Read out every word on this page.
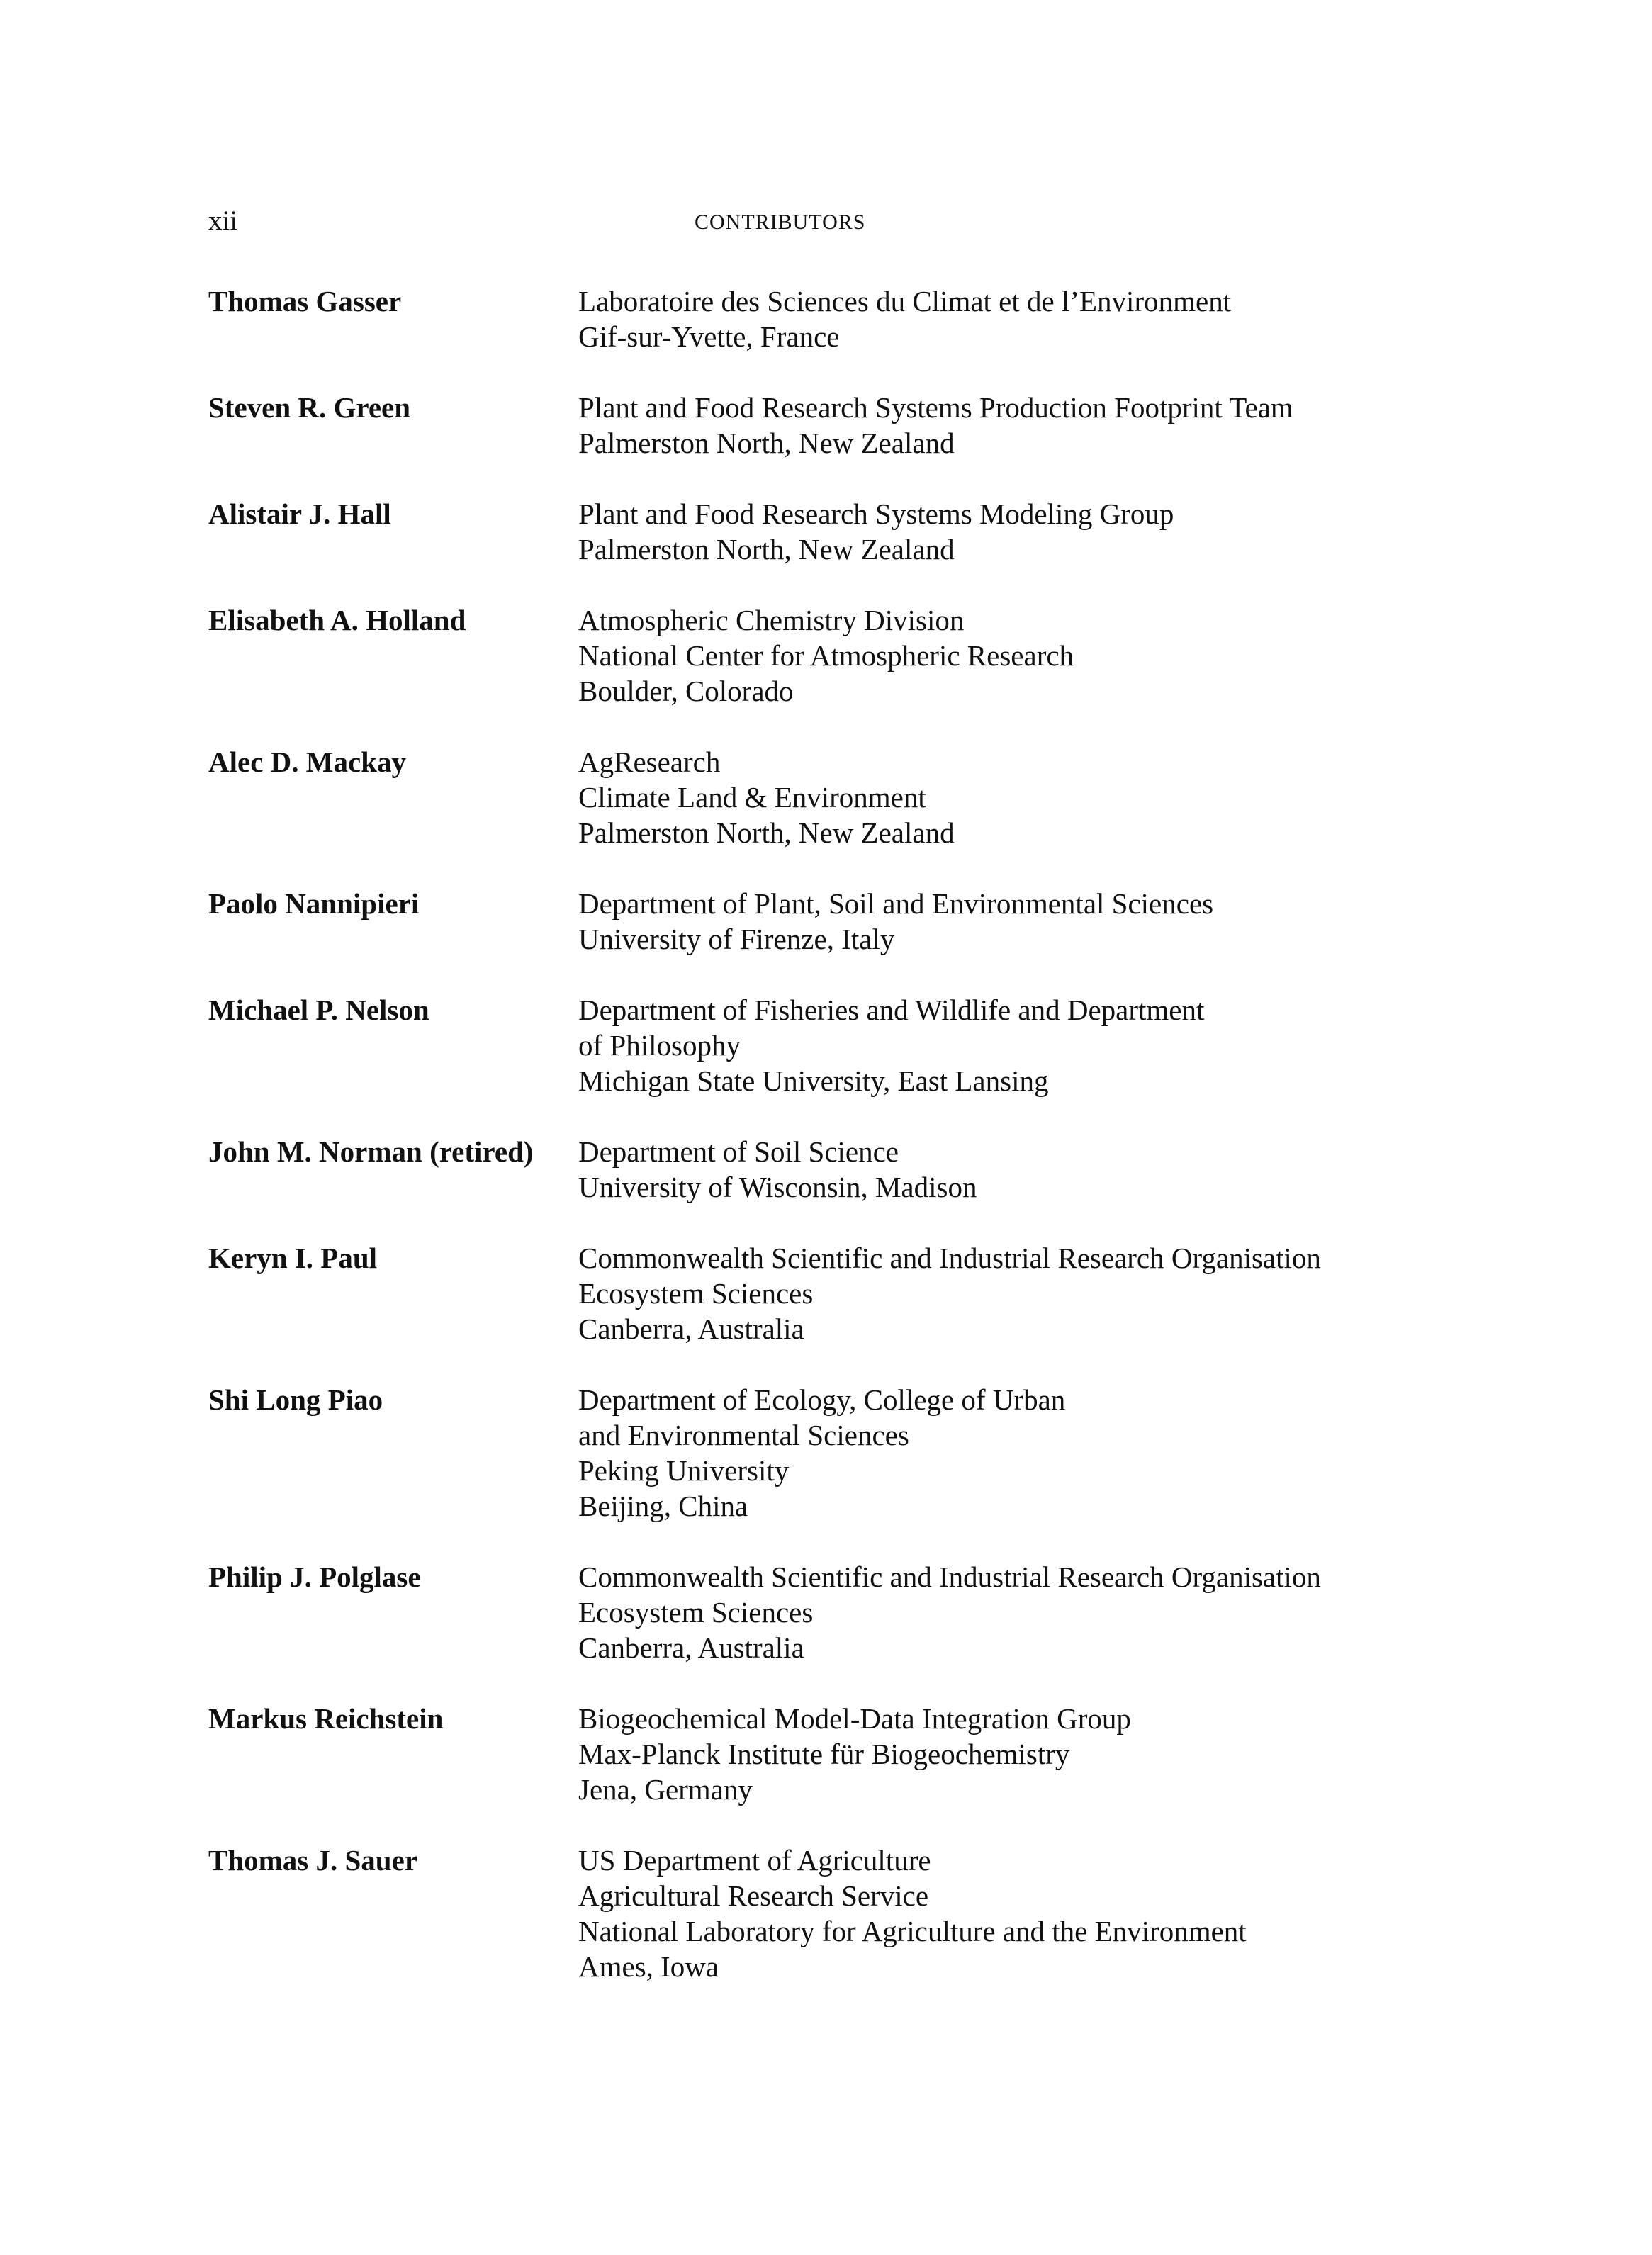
xii	CONTRIBUTORS
Thomas Gasser	Laboratoire des Sciences du Climat et de l’Environment
Gif-sur-Yvette, France
Steven R. Green	Plant and Food Research Systems Production Footprint Team
Palmerston North, New Zealand
Alistair J. Hall	Plant and Food Research Systems Modeling Group
Palmerston North, New Zealand
Elisabeth A. Holland	Atmospheric Chemistry Division
National Center for Atmospheric Research
Boulder, Colorado
Alec D. Mackay	AgResearch
Climate Land & Environment
Palmerston North, New Zealand
Paolo Nannipieri	Department of Plant, Soil and Environmental Sciences
University of Firenze, Italy
Michael P. Nelson	Department of Fisheries and Wildlife and Department
of Philosophy
Michigan State University, East Lansing
John M. Norman (retired)	Department of Soil Science
University of Wisconsin, Madison
Keryn I. Paul	Commonwealth Scientific and Industrial Research Organisation
Ecosystem Sciences
Canberra, Australia
Shi Long Piao	Department of Ecology, College of Urban
and Environmental Sciences
Peking University
Beijing, China
Philip J. Polglase	Commonwealth Scientific and Industrial Research Organisation
Ecosystem Sciences
Canberra, Australia
Markus Reichstein	Biogeochemical Model-Data Integration Group
Max-Planck Institute für Biogeochemistry
Jena, Germany
Thomas J. Sauer	US Department of Agriculture
Agricultural Research Service
National Laboratory for Agriculture and the Environment
Ames, Iowa
